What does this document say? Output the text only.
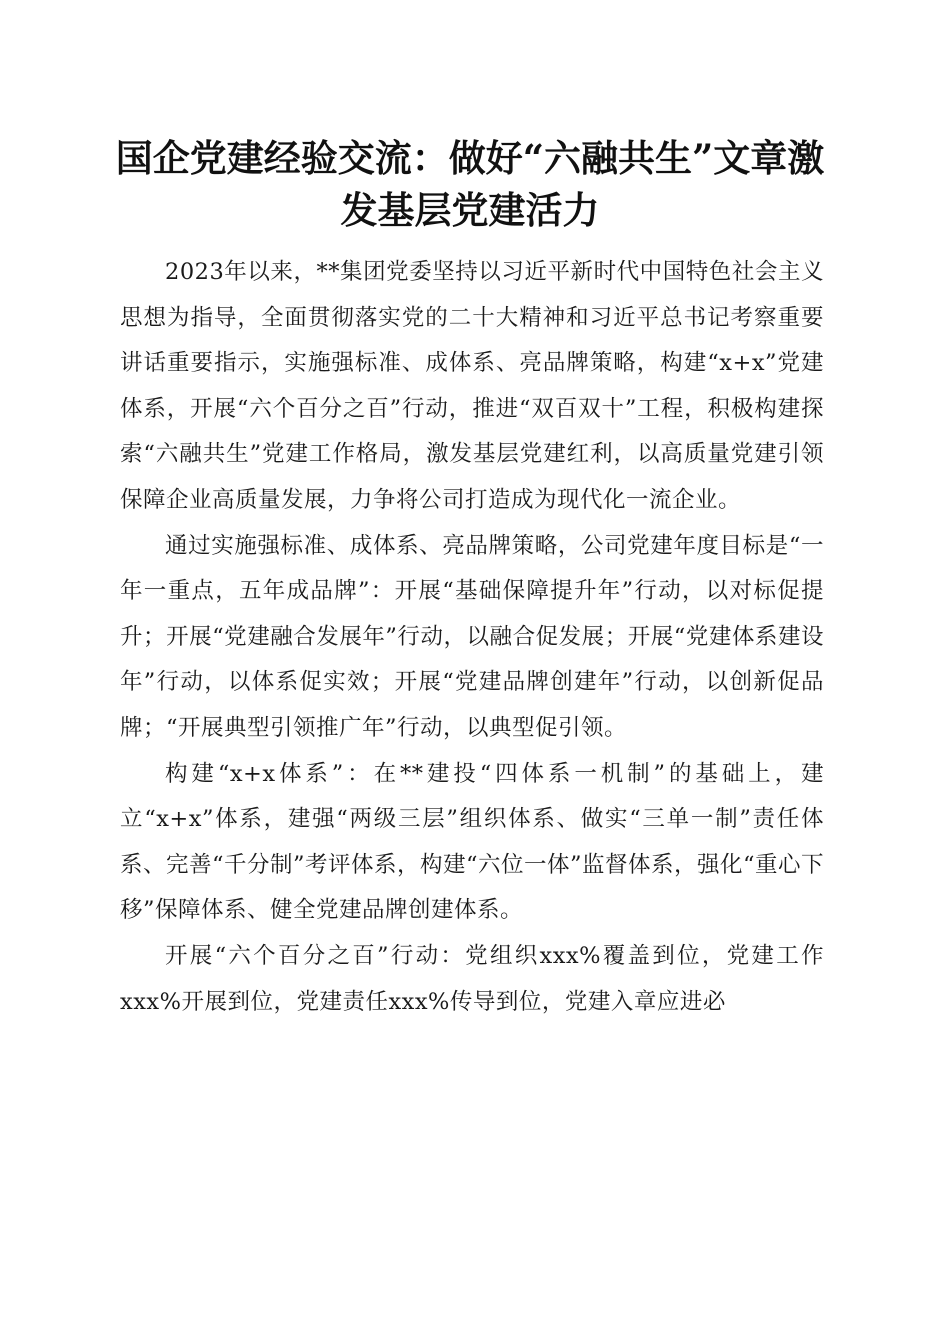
国企党建经验交流：做好“六融共生”文章激发基层党建活力

2023年以来，**集团党委坚持以习近平新时代中国特色社会主义思想为指导，全面贯彻落实党的二十大精神和习近平总书记考察重要讲话重要指示，实施强标准、成体系、亮品牌策略，构建“x+x”党建体系，开展“六个百分之百”行动，推进“双百双十”工程，积极构建探索“六融共生”党建工作格局，激发基层党建红利，以高质量党建引领保障企业高质量发展，力争将公司打造成为现代化一流企业。

通过实施强标准、成体系、亮品牌策略，公司党建年度目标是“一年一重点，五年成品牌”：开展“基础保障提升年”行动，以对标促提升；开展“党建融合发展年”行动，以融合促发展；开展“党建体系建设年”行动，以体系促实效；开展“党建品牌创建年”行动，以创新促品牌；“开展典型引领推广年”行动，以典型促引领。

构建“x+x体系”：在**建投“四体系一机制”的基础上，建立“x+x”体系，建强“两级三层”组织体系、做实“三单一制”责任体系、完善“千分制”考评体系，构建“六位一体”监督体系，强化“重心下移”保障体系、健全党建品牌创建体系。

开展“六个百分之百”行动：党组织xxx%覆盖到位，党建工作xxx%开展到位，党建责任xxx%传导到位，党建入章应进必
